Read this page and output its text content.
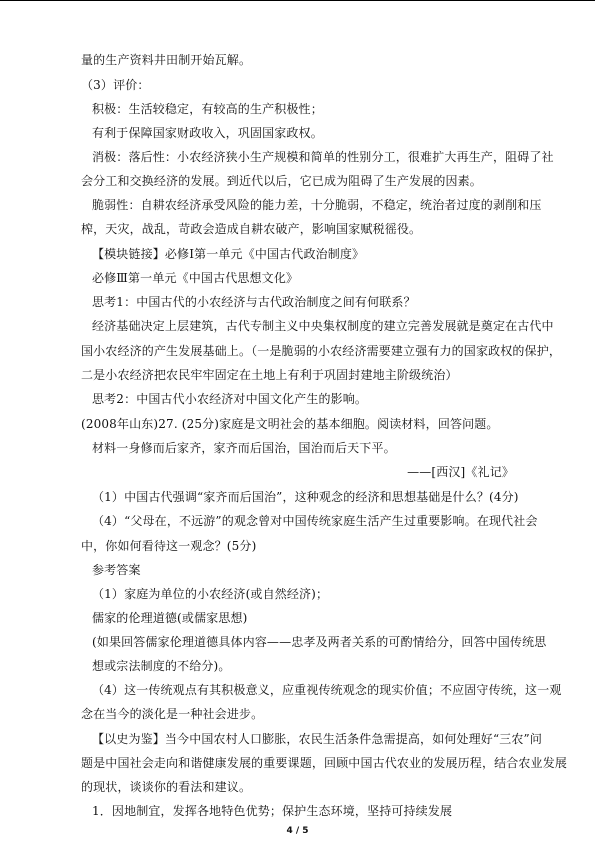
量的生产资料井田制开始瓦解。
（3）评价：
积极：生活较稳定，有较高的生产积极性；
有利于保障国家财政收入，巩固国家政权。
消极：落后性：小农经济狭小生产规模和简单的性别分工，很难扩大再生产，阻碍了社
会分工和交换经济的发展。到近代以后，它已成为阻碍了生产发展的因素。
脆弱性：自耕农经济承受风险的能力差，十分脆弱，不稳定，统治者过度的剥削和压
榨，天灾，战乱，苛政会造成自耕农破产，影响国家赋税徭役。
【模块链接】必修Ⅰ第一单元《中国古代政治制度》
必修Ⅲ第一单元《中国古代思想文化》
思考1：中国古代的小农经济与古代政治制度之间有何联系？
经济基础决定上层建筑，古代专制主义中央集权制度的建立完善发展就是奠定在古代中
国小农经济的产生发展基础上。（一是脆弱的小农经济需要建立强有力的国家政权的保护，
二是小农经济把农民牢牢固定在土地上有利于巩固封建地主阶级统治）
思考2：中国古代小农经济对中国文化产生的影响。
(2008年山东)27. (25分)家庭是文明社会的基本细胞。阅读材料，回答问题。
材料一身修而后家齐，家齐而后国治，国治而后天下平。
——[西汉]《礼记》
（1）中国古代强调“家齐而后国治”，这种观念的经济和思想基础是什么？(4分)
（4）“父母在，不远游”的观念曾对中国传统家庭生活产生过重要影响。在现代社会
中，你如何看待这一观念？(5分)
参考答案
（1）家庭为单位的小农经济(或自然经济)；
儒家的伦理道德(或儒家思想)
(如果回答儒家伦理道德具体内容——忠孝及两者关系的可酌情给分，回答中国传统思
想或宗法制度的不给分)。
（4）这一传统观点有其积极意义，应重视传统观念的现实价值；不应固守传统，这一观
念在当今的淡化是一种社会进步。
【以史为鉴】当今中国农村人口膨胀，农民生活条件急需提高，如何处理好“三农”问
题是中国社会走向和谐健康发展的重要课题，回顾中国古代农业的发展历程，结合农业发展
的现状，谈谈你的看法和建议。
1．因地制宜，发挥各地特色优势；保护生态环境，坚持可持续发展
4 / 5
